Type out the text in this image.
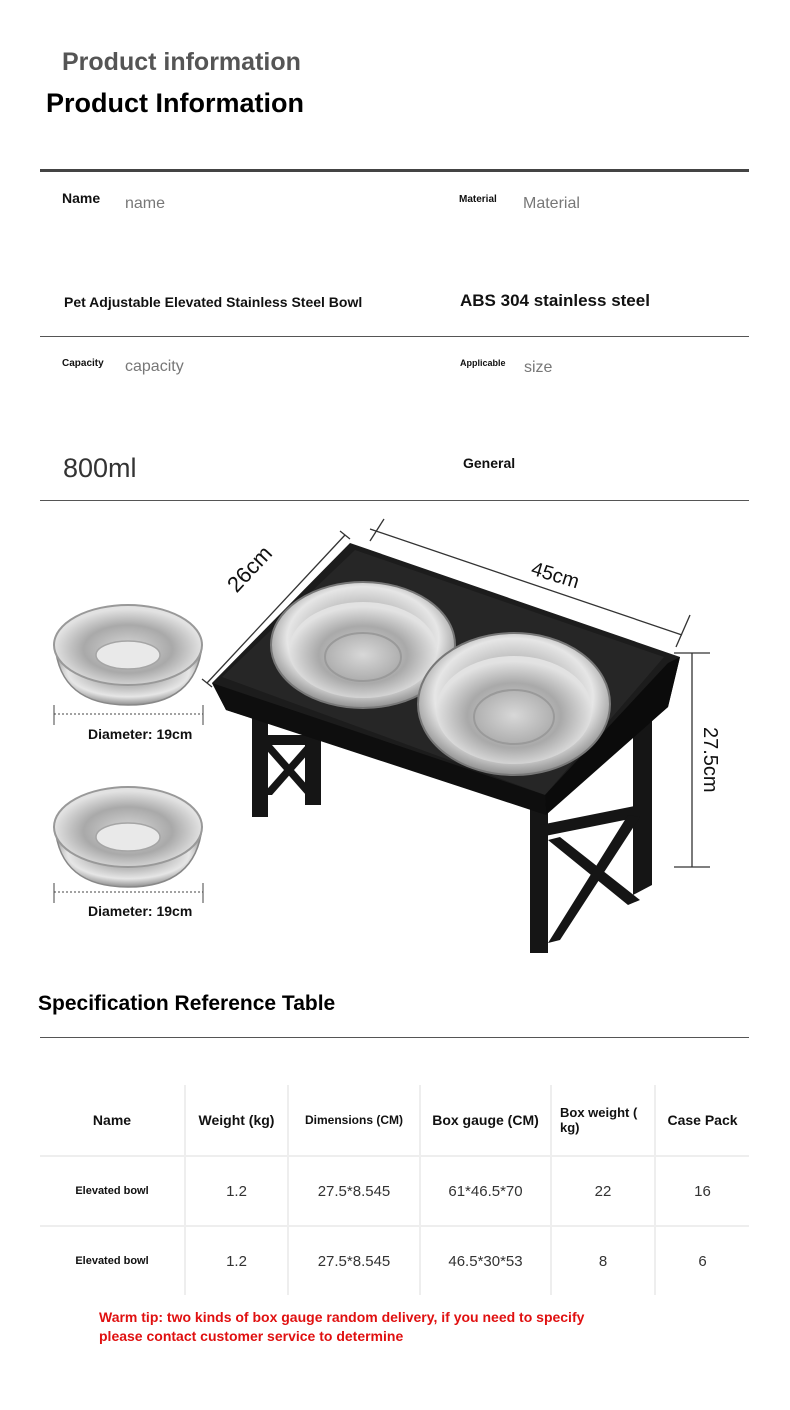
Product information
Product Information
Name name	Material Material
Pet Adjustable Elevated Stainless Steel Bowl	ABS 304 stainless steel
Capacity capacity	Applicable size
800ml	General
26cm	45cm
27.5cm
Diameter: 19cm
Diameter: 19cm
Specification Reference Table
Name	Weight (kg)	Dimensions (CM)	Box gauge (CM)	Box weight ( kg)	Case Pack
Elevated bowl	1.2	27.5*8.545	61*46.5*70	22	16
Elevated bowl	1.2	27.5*8.545	46.5*30*53	8	6
Warm tip: two kinds of box gauge random delivery, if you need to specify
please contact customer service to determine
